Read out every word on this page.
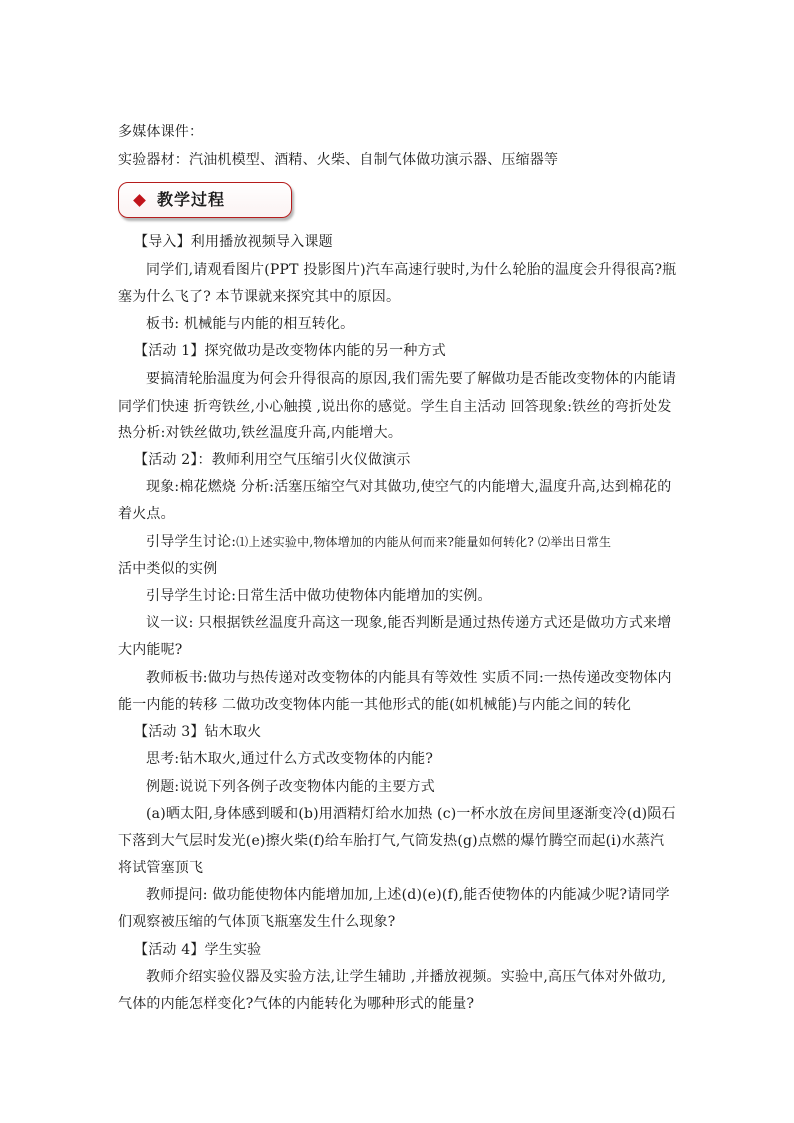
多媒体课件：
实验器材：汽油机模型、酒精、火柴、自制气体做功演示器、压缩器等
教学过程
【导入】利用播放视频导入课题
同学们,请观看图片(PPT 投影图片)汽车高速行驶时,为什么轮胎的温度会升得很高?瓶
塞为什么飞了? 本节课就来探究其中的原因。
板书: 机械能与内能的相互转化。
【活动 1】探究做功是改变物体内能的另一种方式
要搞清轮胎温度为何会升得很高的原因,我们需先要了解做功是否能改变物体的内能请
同学们快速 折弯铁丝,小心触摸 ,说出你的感觉。学生自主活动 回答现象:铁丝的弯折处发
热分析:对铁丝做功,铁丝温度升高,内能增大。
【活动 2】：教师利用空气压缩引火仪做演示
现象:棉花燃烧 分析:活塞压缩空气对其做功,使空气的内能增大,温度升高,达到棉花的
着火点。
引导学生讨论:⑴上述实验中,物体增加的内能从何而来?能量如何转化? ⑵举出日常生
活中类似的实例
引导学生讨论:日常生活中做功使物体内能增加的实例。
议一议: 只根据铁丝温度升高这一现象,能否判断是通过热传递方式还是做功方式来增
大内能呢?
教师板书:做功与热传递对改变物体的内能具有等效性 实质不同:一热传递改变物体内
能一内能的转移 二做功改变物体内能一其他形式的能(如机械能)与内能之间的转化
【活动 3】钻木取火
思考:钻木取火,通过什么方式改变物体的内能?
例题:说说下列各例子改变物体内能的主要方式
(a)晒太阳,身体感到暖和(b)用酒精灯给水加热 (c)一杯水放在房间里逐渐变冷(d)陨石
下落到大气层时发光(e)擦火柴(f)给车胎打气,气筒发热(g)点燃的爆竹腾空而起(i)水蒸汽
将试管塞顶飞
教师提问: 做功能使物体内能增加加,上述(d)(e)(f),能否使物体的内能减少呢?请同学
们观察被压缩的气体顶飞瓶塞发生什么现象?
【活动 4】学生实验
教师介绍实验仪器及实验方法,让学生辅助 ,并播放视频。实验中,高压气体对外做功,
气体的内能怎样变化?气体的内能转化为哪种形式的能量?
